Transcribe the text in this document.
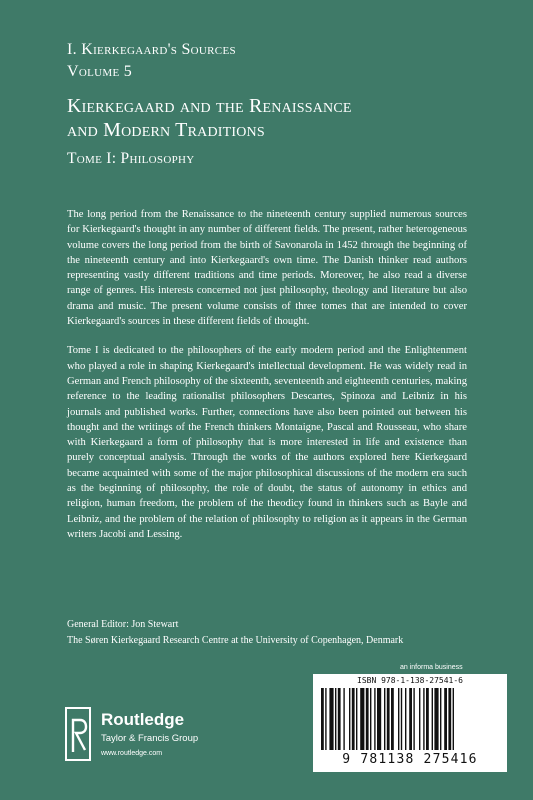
I. Kierkegaard's Sources
Volume 5
Kierkegaard and the Renaissance
and Modern Traditions
Tome I: Philosophy

The long period from the Renaissance to the nineteenth century supplied numerous sources for Kierkegaard's thought in any number of different fields. The present, rather heterogeneous volume covers the long period from the birth of Savonarola in 1452 through the beginning of the nineteenth century and into Kierkegaard's own time. The Danish thinker read authors representing vastly different traditions and time periods. Moreover, he also read a diverse range of genres. His interests concerned not just philosophy, theology and literature but also drama and music. The present volume consists of three tomes that are intended to cover Kierkegaard's sources in these different fields of thought.

Tome I is dedicated to the philosophers of the early modern period and the Enlightenment who played a role in shaping Kierkegaard's intellectual development. He was widely read in German and French philosophy of the sixteenth, seventeenth and eighteenth centuries, making reference to the leading rationalist philosophers Descartes, Spinoza and Leibniz in his journals and published works. Further, connections have also been pointed out between his thought and the writings of the French thinkers Montaigne, Pascal and Rousseau, who share with Kierkegaard a form of philosophy that is more interested in life and existence than purely conceptual analysis. Through the works of the authors explored here Kierkegaard became acquainted with some of the major philosophical discussions of the modern era such as the beginning of philosophy, the role of doubt, the status of autonomy in ethics and religion, human freedom, the problem of the theodicy found in thinkers such as Bayle and Leibniz, and the problem of the relation of philosophy to religion as it appears in the German writers Jacobi and Lessing.

General Editor: Jon Stewart
The Søren Kierkegaard Research Centre at the University of Copenhagen, Denmark
Routledge
Taylor & Francis Group
www.routledge.com
an informa business
ISBN 978-1-138-27541-6
9 781138 275416
